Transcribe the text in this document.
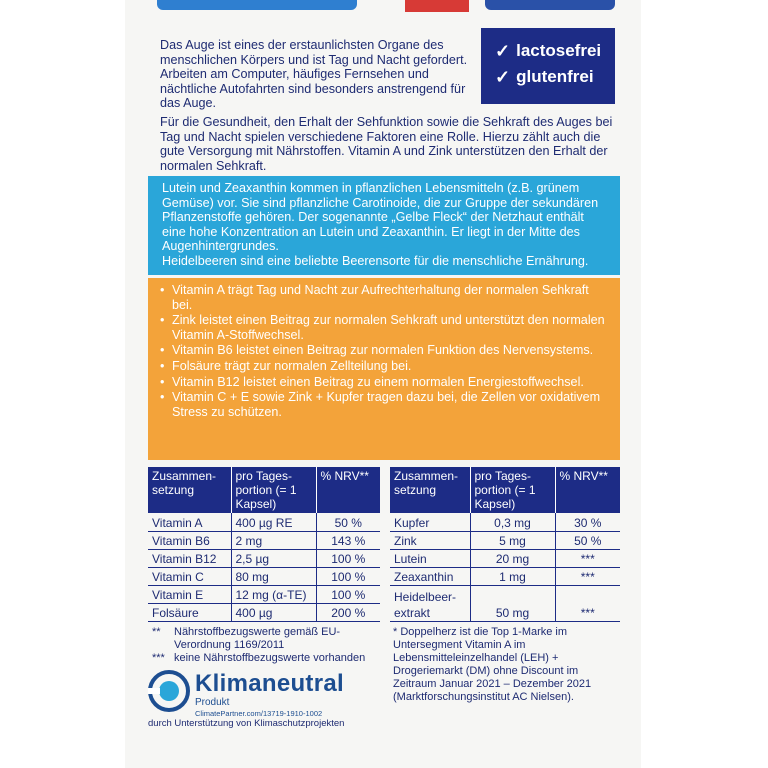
Das Auge ist eines der erstaunlichsten Organe des menschlichen Körpers und ist Tag und Nacht gefordert. Arbeiten am Computer, häufiges Fernsehen und nächtliche Autofahrten sind besonders anstrengend für das Auge.

Für die Gesundheit, den Erhalt der Sehfunktion sowie die Sehkraft des Auges bei Tag und Nacht spielen verschiedene Faktoren eine Rolle. Hierzu zählt auch die gute Versorgung mit Nährstoffen. Vitamin A und Zink unterstützen den Erhalt der normalen Sehkraft.

✓ lactosefrei
✓ glutenfrei

Lutein und Zeaxanthin kommen in pflanzlichen Lebensmitteln (z.B. grünem Gemüse) vor. Sie sind pflanzliche Carotinoide, die zur Gruppe der sekundären Pflanzenstoffe gehören. Der sogenannte „Gelbe Fleck“ der Netzhaut enthält eine hohe Konzentration an Lutein und Zeaxanthin. Er liegt in der Mitte des Augenhintergrundes.

Heidelbeeren sind eine beliebte Beerensorte für die menschliche Ernährung.

• Vitamin A trägt Tag und Nacht zur Aufrechterhaltung der normalen Sehkraft bei.
• Zink leistet einen Beitrag zur normalen Sehkraft und unterstützt den normalen Vitamin A-Stoffwechsel.
• Vitamin B6 leistet einen Beitrag zur normalen Funktion des Nervensystems.
• Folsäure trägt zur normalen Zellteilung bei.
• Vitamin B12 leistet einen Beitrag zu einem normalen Energiestoffwechsel.
• Vitamin C + E sowie Zink + Kupfer tragen dazu bei, die Zellen vor oxidativem Stress zu schützen.
Zusammen-setzung	pro Tages-portion (= 1 Kapsel)	% NRV**
Vitamin A	400 µg RE	50 %
Vitamin B6	2 mg	143 %
Vitamin B12	2,5 µg	100 %
Vitamin C	80 mg	100 %
Vitamin E	12 mg (α-TE)	100 %
Folsäure	400 µg	200 %
Zusammen-setzung	pro Tages-portion (= 1 Kapsel)	% NRV**
Kupfer	0,3 mg	30 %
Zink	5 mg	50 %
Lutein	20 mg	***
Zeaxanthin	1 mg	***
Heidelbeer-extrakt	50 mg	***
**	Nährstoffbezugswerte gemäß EU-Verordnung 1169/2011
*** keine Nährstoffbezugswerte vorhanden

* Doppelherz ist die Top 1-Marke im Untersegment Vitamin A im Lebensmitteleinzelhandel (LEH) + Drogeriemarkt (DM) ohne Discount im Zeitraum Januar 2021 – Dezember 2021 (Marktforschungsinstitut AC Nielsen).

Klimaneutral
Produkt
ClimatePartner.com/13719-1910-1002
durch Unterstützung von Klimaschutzprojekten
